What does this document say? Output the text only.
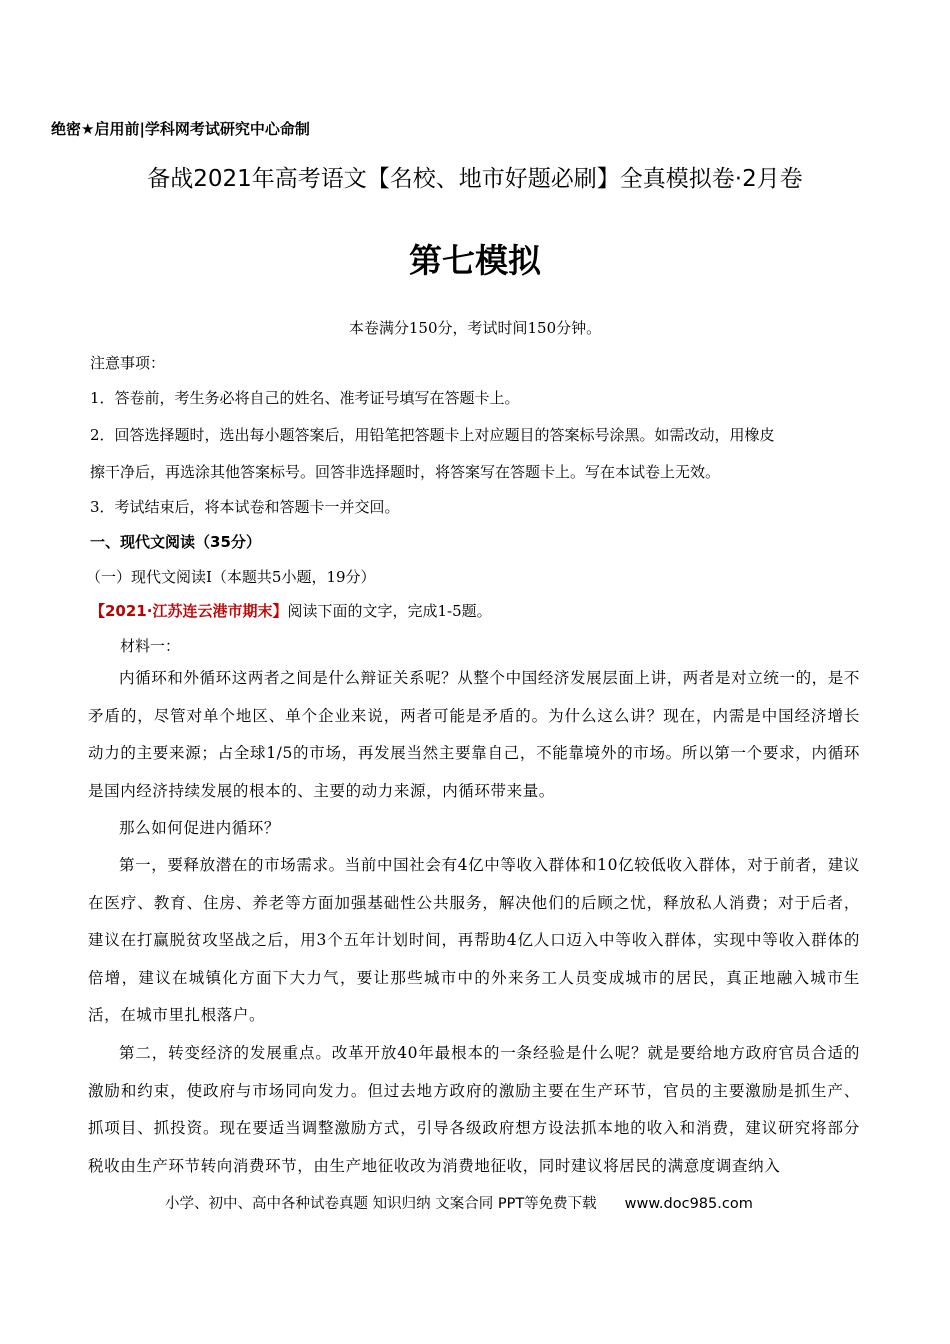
绝密★启用前|学科网考试研究中心命制
备战2021年高考语文【名校、地市好题必刷】全真模拟卷·2月卷
第七模拟
本卷满分150分，考试时间150分钟。
注意事项：
1．答卷前，考生务必将自己的姓名、准考证号填写在答题卡上。
2．回答选择题时，选出每小题答案后，用铅笔把答题卡上对应题目的答案标号涂黑。如需改动，用橡皮
擦干净后，再选涂其他答案标号。回答非选择题时，将答案写在答题卡上。写在本试卷上无效。
3．考试结束后，将本试卷和答题卡一并交回。
一、现代文阅读（35分）
（一）现代文阅读Ⅰ（本题共5小题，19分）
【2021·江苏连云港市期末】阅读下面的文字，完成1-5题。
材料一：
内循环和外循环这两者之间是什么辩证关系呢？从整个中国经济发展层面上讲，两者是对立统一的，是不矛盾的，尽管对单个地区、单个企业来说，两者可能是矛盾的。为什么这么讲？现在，内需是中国经济增长动力的主要来源；占全球1/5的市场，再发展当然主要靠自己，不能靠境外的市场。所以第一个要求，内循环是国内经济持续发展的根本的、主要的动力来源，内循环带来量。
那么如何促进内循环？
第一，要释放潜在的市场需求。当前中国社会有4亿中等收入群体和10亿较低收入群体，对于前者，建议在医疗、教育、住房、养老等方面加强基础性公共服务，解决他们的后顾之忧，释放私人消费；对于后者，建议在打赢脱贫攻坚战之后，用3个五年计划时间，再帮助4亿人口迈入中等收入群体，实现中等收入群体的倍增，建议在城镇化方面下大力气，要让那些城市中的外来务工人员变成城市的居民，真正地融入城市生活，在城市里扎根落户。
第二，转变经济的发展重点。改革开放40年最根本的一条经验是什么呢？就是要给地方政府官员合适的激励和约束，使政府与市场同向发力。但过去地方政府的激励主要在生产环节，官员的主要激励是抓生产、抓项目、抓投资。现在要适当调整激励方式，引导各级政府想方设法抓本地的收入和消费，建议研究将部分税收由生产环节转向消费环节，由生产地征收改为消费地征收，同时建议将居民的满意度调查纳入
小学、初中、高中各种试卷真题 知识归纳 文案合同 PPT等免费下载 www.doc985.com
